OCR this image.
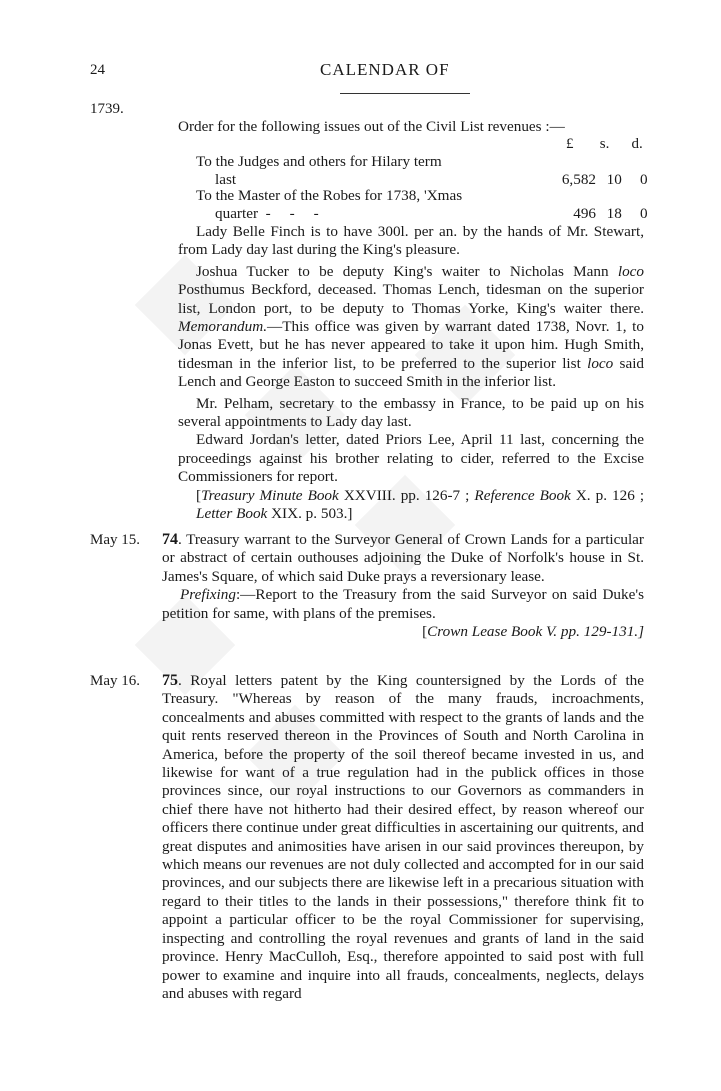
24	CALENDAR OF
1739.

Order for the following issues out of the Civil List revenues :—

£ s. d.
To the Judges and others for Hilary term
last	6,582 10 0
To the Master of the Robes for 1738, 'Xmas
quarter  -     -     -	496 18 0

Lady Belle Finch is to have 300l. per an. by the hands of Mr. Stewart, from Lady day last during the King's pleasure.

Joshua Tucker to be deputy King's waiter to Nicholas Mann loco Posthumus Beckford, deceased. Thomas Lench, tidesman on the superior list, London port, to be deputy to Thomas Yorke, King's waiter there. Memorandum.—This office was given by warrant dated 1738, Novr. 1, to Jonas Evett, but he has never appeared to take it upon him. Hugh Smith, tidesman in the inferior list, to be preferred to the superior list loco said Lench and George Easton to succeed Smith in the inferior list.

Mr. Pelham, secretary to the embassy in France, to be paid up on his several appointments to Lady day last.

Edward Jordan's letter, dated Priors Lee, April 11 last, concerning the proceedings against his brother relating to cider, referred to the Excise Commissioners for report.

[Treasury Minute Book XXVIII. pp. 126-7 ; Reference Book X. p. 126 ; Letter Book XIX. p. 503.]

May 15. 74. Treasury warrant to the Surveyor General of Crown Lands for a particular or abstract of certain outhouses adjoining the Duke of Norfolk's house in St. James's Square, of which said Duke prays a reversionary lease.

Prefixing:—Report to the Treasury from the said Surveyor on said Duke's petition for same, with plans of the premises.

[Crown Lease Book V. pp. 129-131.]

May 16. 75. Royal letters patent by the King countersigned by the Lords of the Treasury. "Whereas by reason of the many frauds, incroachments, concealments and abuses committed with respect to the grants of lands and the quit rents reserved thereon in the Provinces of South and North Carolina in America, before the property of the soil thereof became invested in us, and likewise for want of a true regulation had in the publick offices in those provinces since, our royal instructions to our Governors as commanders in chief there have not hitherto had their desired effect, by reason whereof our officers there continue under great difficulties in ascertaining our quitrents, and great disputes and animosities have arisen in our said provinces thereupon, by which means our revenues are not duly collected and accompted for in our said provinces, and our subjects there are likewise left in a precarious situation with regard to their titles to the lands in their possessions," therefore think fit to appoint a particular officer to be the royal Commissioner for supervising, inspecting and controlling the royal revenues and grants of land in the said province. Henry MacCulloh, Esq., therefore appointed to said post with full power to examine and inquire into all frauds, concealments, neglects, delays and abuses with regard
